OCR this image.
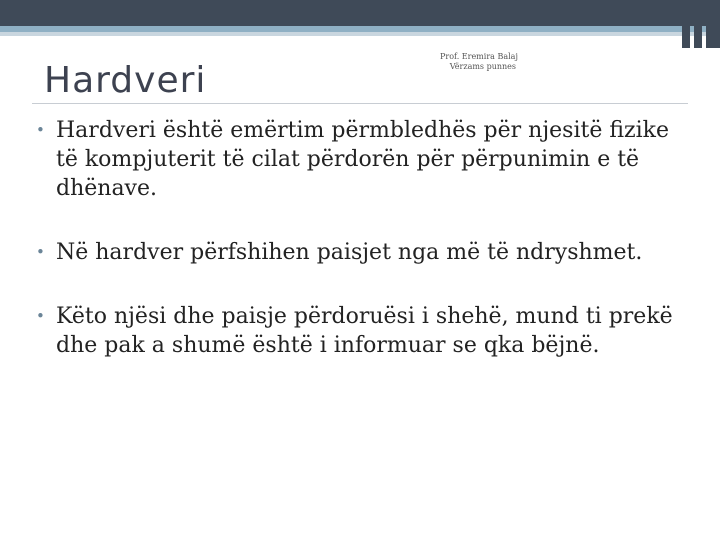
Hardveri
Prof. Eremira Balaj
Vërzams punnes
• Hardveri është emërtim përmbledhës për njesitë fizike të kompjuterit të cilat përdorën për përpunimin e të dhënave.
• Në hardver përfshihen paisjet nga më të ndryshmet.
• Këto njësi dhe paisje përdoruësi i shehë, mund ti prekë dhe pak a shumë është i informuar se qka bëjnë.
